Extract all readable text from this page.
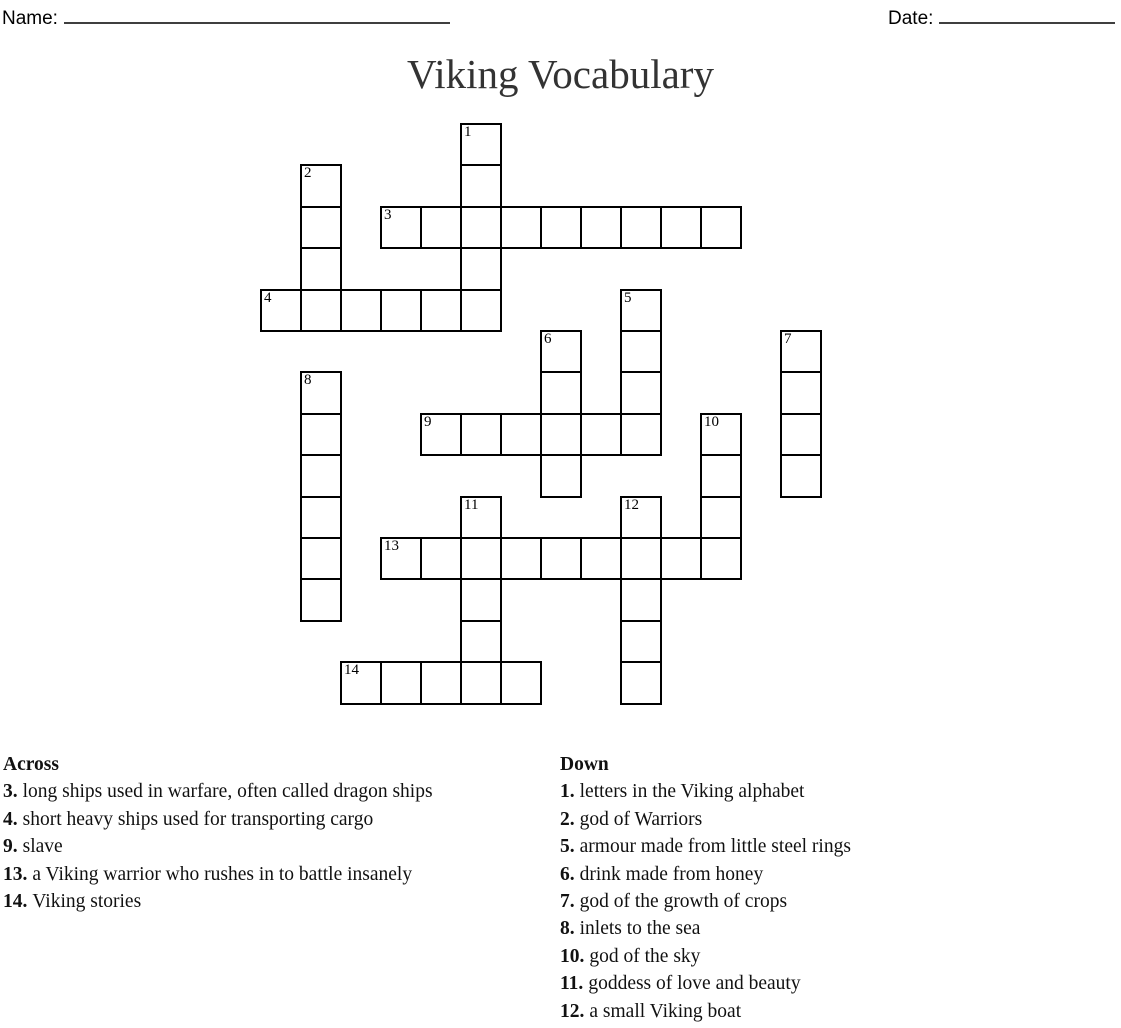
Name:	Date:
Viking Vocabulary
1
2
3
4	5
6	7
8
9	10
11	12
13
14
Across
3. long ships used in warfare, often called dragon ships
4. short heavy ships used for transporting cargo
9. slave
13. a Viking warrior who rushes in to battle insanely
14. Viking stories
Down
1. letters in the Viking alphabet
2. god of Warriors
5. armour made from little steel rings
6. drink made from honey
7. god of the growth of crops
8. inlets to the sea
10. god of the sky
11. goddess of love and beauty
12. a small Viking boat
